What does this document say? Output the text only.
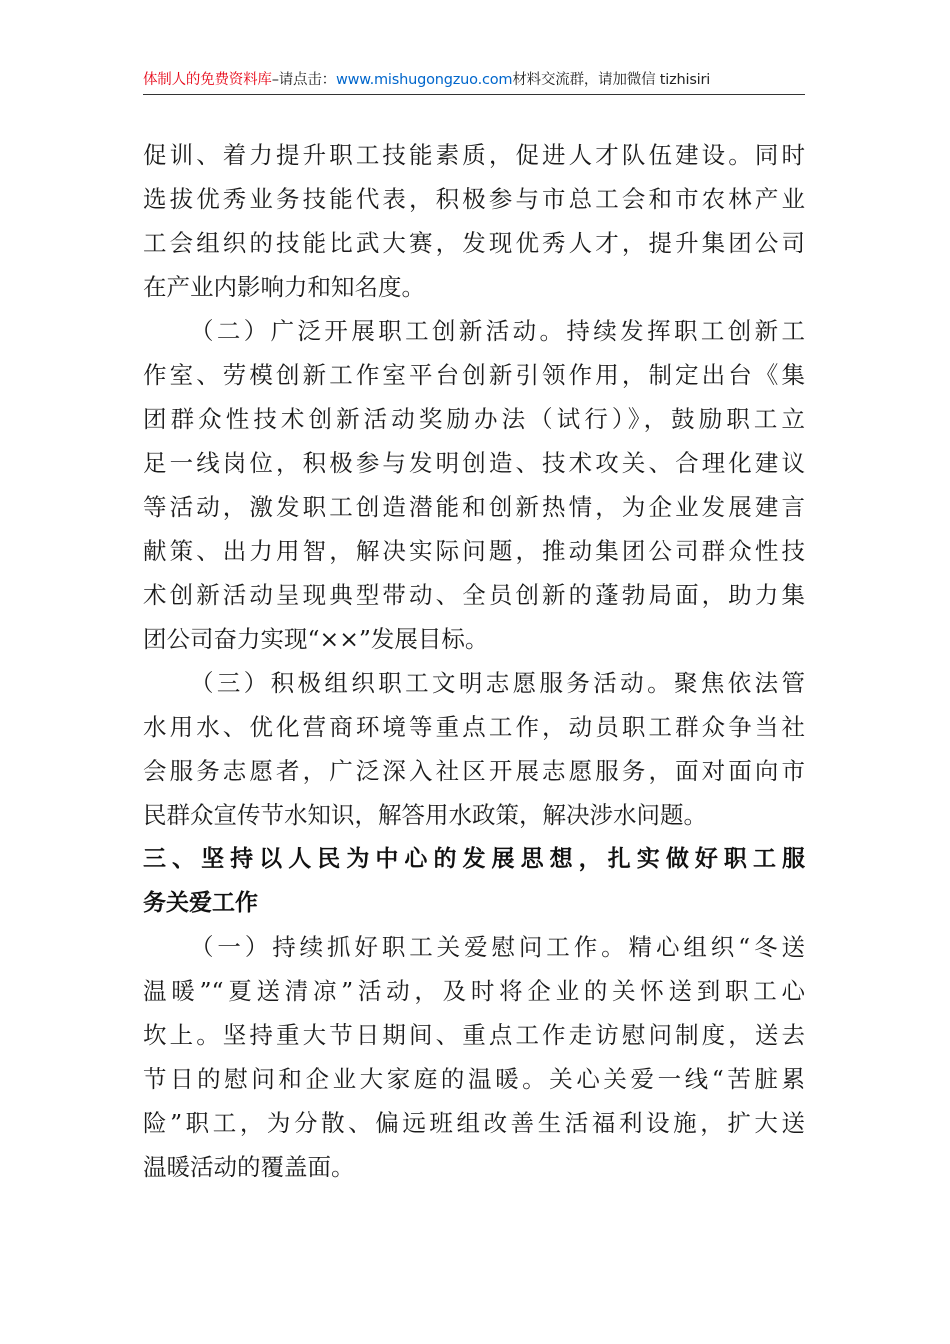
体制人的免费资料库–请点击：www.mishugongzuo.com材料交流群，请加微信 tizhisiri
促训、着力提升职工技能素质，促进人才队伍建设。同时
选拔优秀业务技能代表，积极参与市总工会和市农林产业
工会组织的技能比武大赛，发现优秀人才，提升集团公司
在产业内影响力和知名度。
（二）广泛开展职工创新活动。持续发挥职工创新工
作室、劳模创新工作室平台创新引领作用，制定出台《集
团群众性技术创新活动奖励办法（试行）》，鼓励职工立
足一线岗位，积极参与发明创造、技术攻关、合理化建议
等活动，激发职工创造潜能和创新热情，为企业发展建言
献策、出力用智，解决实际问题，推动集团公司群众性技
术创新活动呈现典型带动、全员创新的蓬勃局面，助力集
团公司奋力实现“××”发展目标。
（三）积极组织职工文明志愿服务活动。聚焦依法管
水用水、优化营商环境等重点工作，动员职工群众争当社
会服务志愿者，广泛深入社区开展志愿服务，面对面向市
民群众宣传节水知识，解答用水政策，解决涉水问题。
三、坚持以人民为中心的发展思想，扎实做好职工服
务关爱工作
（一）持续抓好职工关爱慰问工作。精心组织“冬送
温暖”“夏送清凉”活动，及时将企业的关怀送到职工心
坎上。坚持重大节日期间、重点工作走访慰问制度，送去
节日的慰问和企业大家庭的温暖。关心关爱一线“苦脏累
险”职工，为分散、偏远班组改善生活福利设施，扩大送
温暖活动的覆盖面。
